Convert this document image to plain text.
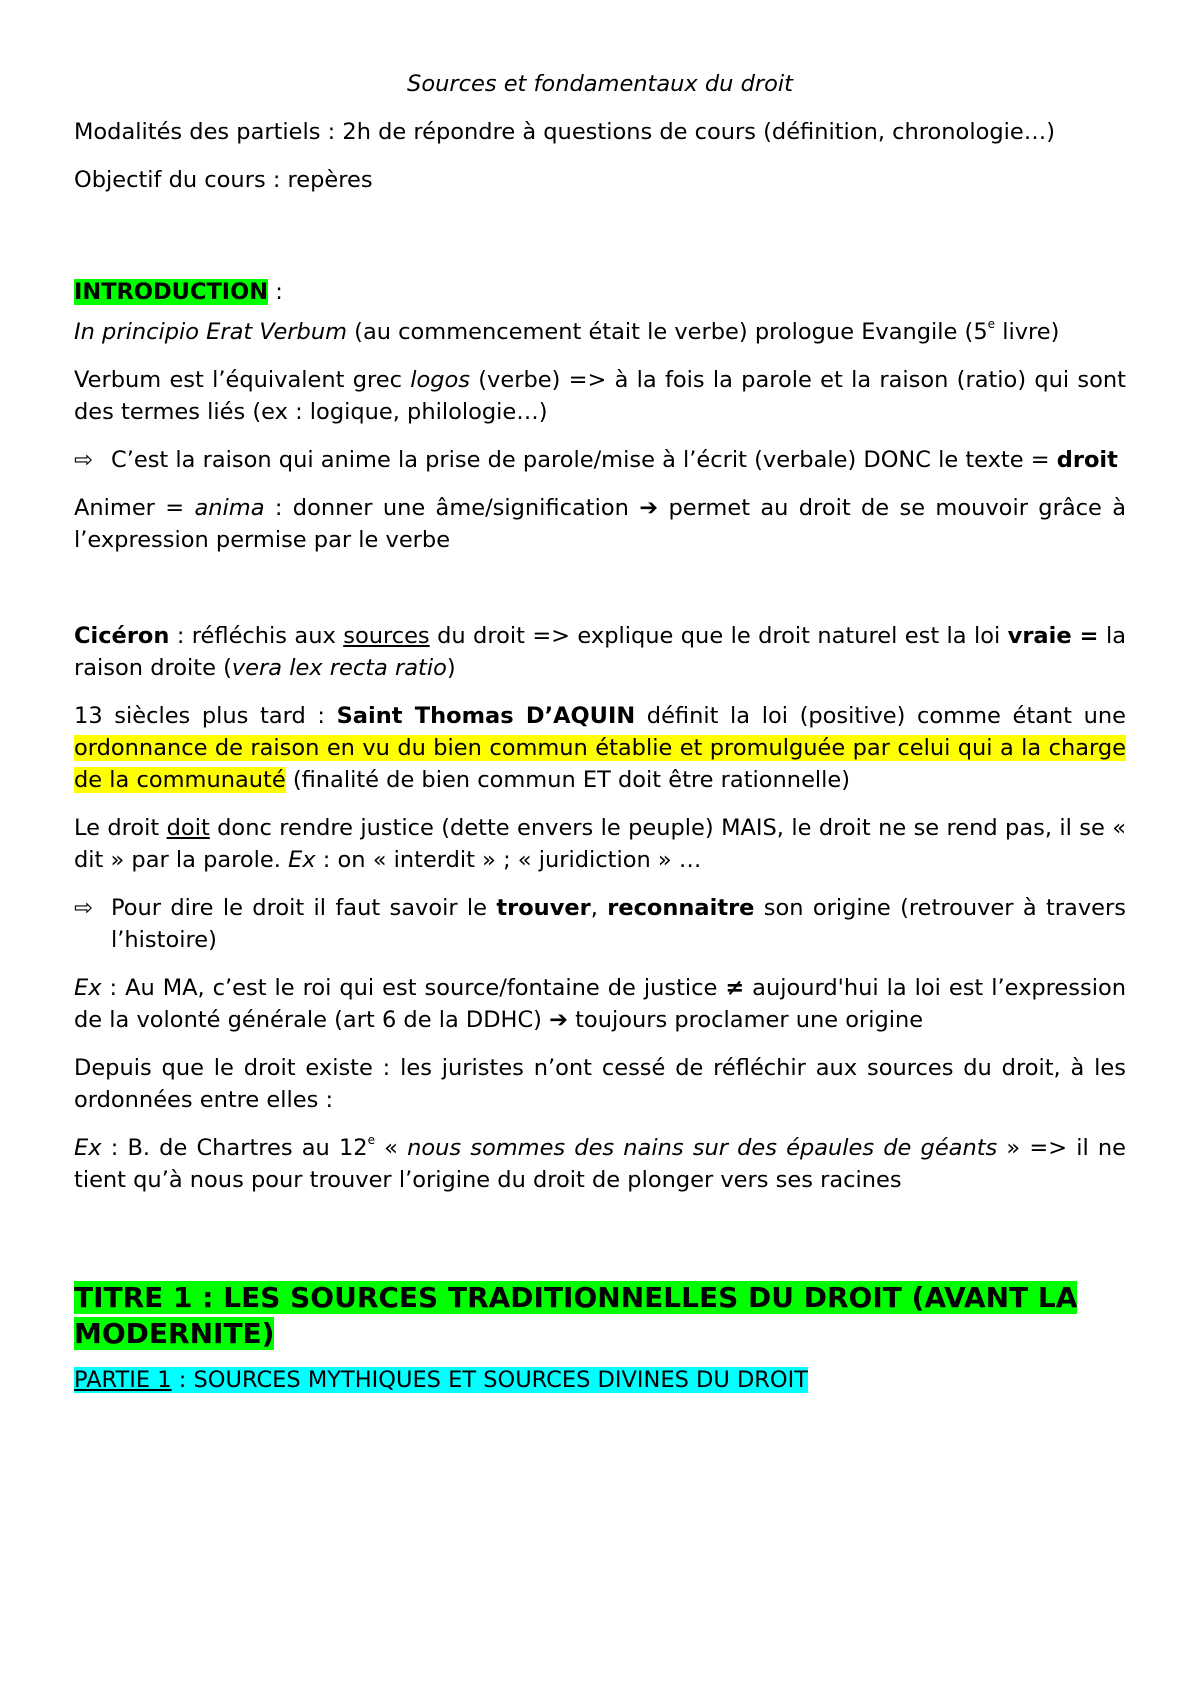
Sources et fondamentaux du droit

Modalités des partiels : 2h de répondre à questions de cours (définition, chronologie…)

Objectif du cours : repères

INTRODUCTION :

In principio Erat Verbum (au commencement était le verbe) prologue Evangile (5e livre)

Verbum est l’équivalent grec logos (verbe) => à la fois la parole et la raison (ratio) qui sont des termes liés (ex : logique, philologie…)

⇨ C’est la raison qui anime la prise de parole/mise à l’écrit (verbale) DONC le texte = droit

Animer = anima : donner une âme/signification ➔ permet au droit de se mouvoir grâce à l’expression permise par le verbe

Cicéron : réfléchis aux sources du droit => explique que le droit naturel est la loi vraie = la raison droite (vera lex recta ratio)

13 siècles plus tard : Saint Thomas D’AQUIN définit la loi (positive) comme étant une ordonnance de raison en vu du bien commun établie et promulguée par celui qui a la charge de la communauté (finalité de bien commun ET doit être rationnelle)

Le droit doit donc rendre justice (dette envers le peuple) MAIS, le droit ne se rend pas, il se « dit » par la parole. Ex : on « interdit » ; « juridiction » …

⇨ Pour dire le droit il faut savoir le trouver, reconnaitre son origine (retrouver à travers l’histoire)

Ex : Au MA, c’est le roi qui est source/fontaine de justice ≠ aujourd'hui la loi est l’expression de la volonté générale (art 6 de la DDHC) ➔ toujours proclamer une origine

Depuis que le droit existe : les juristes n’ont cessé de réfléchir aux sources du droit, à les ordonnées entre elles :

Ex : B. de Chartres au 12e « nous sommes des nains sur des épaules de géants » => il ne tient qu’à nous pour trouver l’origine du droit de plonger vers ses racines

TITRE 1 : LES SOURCES TRADITIONNELLES DU DROIT (AVANT LA MODERNITE)
PARTIE 1 : SOURCES MYTHIQUES ET SOURCES DIVINES DU DROIT
